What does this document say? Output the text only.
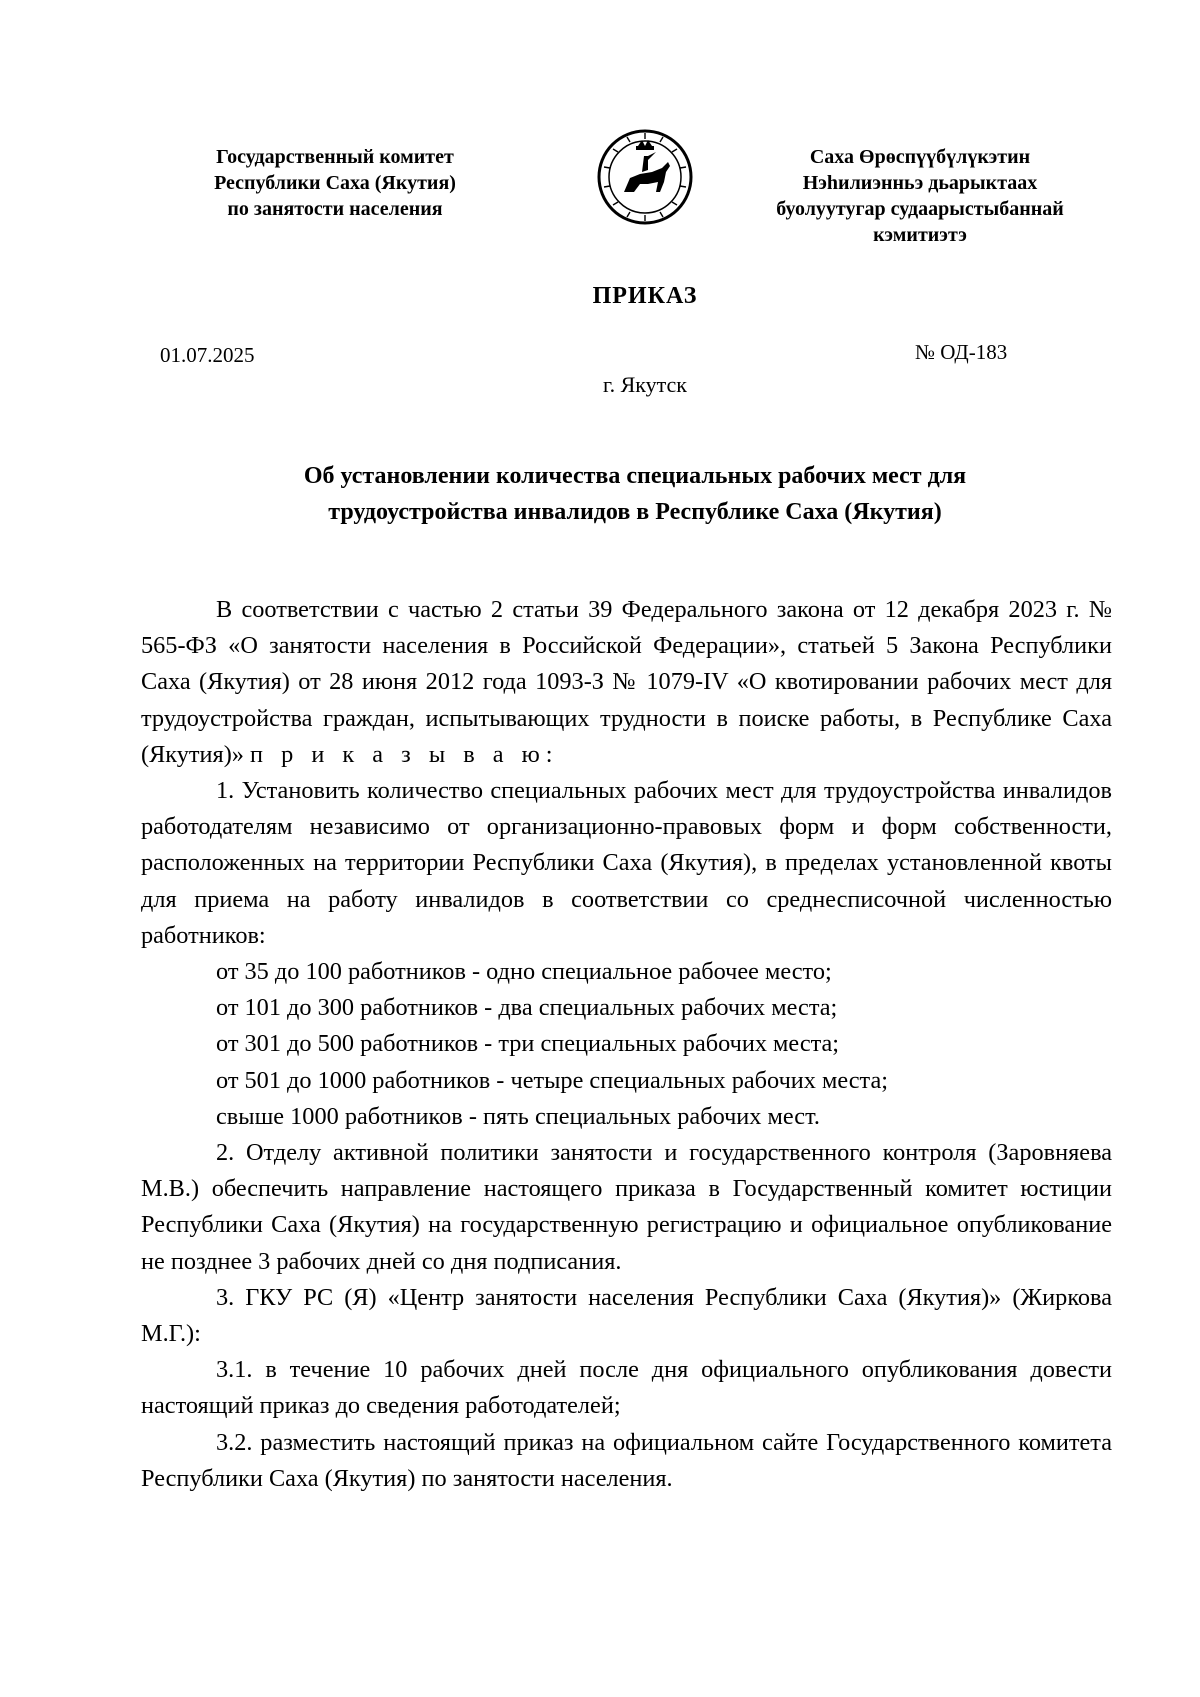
Государственный комитет
Республики Саха (Якутия)
по занятости населения
Саха Өрөспүүбүлүкэтин
Нэһилиэнньэ дьарыктаах
буолуутугар судаарыстыбаннай
кэмитиэтэ
ПРИКАЗ
01.07.2025	№ ОД-183
г. Якутск
Об установлении количества специальных рабочих мест для
трудоустройства инвалидов в Республике Саха (Якутия)

В соответствии с частью 2 статьи 39 Федерального закона от 12 декабря 2023 г. № 565-ФЗ «О занятости населения в Российской Федерации», статьей 5 Закона Республики Саха (Якутия) от 28 июня 2012 года 1093-З № 1079-IV «О квотировании рабочих мест для трудоустройства граждан, испытывающих трудности в поиске работы, в Республике Саха (Якутия)» п р и к а з ы в а ю:

1. Установить количество специальных рабочих мест для трудоустройства инвалидов работодателям независимо от организационно-правовых форм и форм собственности, расположенных на территории Республики Саха (Якутия), в пределах установленной квоты для приема на работу инвалидов в соответствии со среднесписочной численностью работников:

от 35 до 100 работников - одно специальное рабочее место;

от 101 до 300 работников - два специальных рабочих места;

от 301 до 500 работников - три специальных рабочих места;

от 501 до 1000 работников - четыре специальных рабочих места;

свыше 1000 работников - пять специальных рабочих мест.

2. Отделу активной политики занятости и государственного контроля (Заровняева М.В.) обеспечить направление настоящего приказа в Государственный комитет юстиции Республики Саха (Якутия) на государственную регистрацию и официальное опубликование не позднее 3 рабочих дней со дня подписания.

3. ГКУ РС (Я) «Центр занятости населения Республики Саха (Якутия)» (Жиркова М.Г.):

3.1. в течение 10 рабочих дней после дня официального опубликования довести настоящий приказ до сведения работодателей;

3.2. разместить настоящий приказ на официальном сайте Государственного комитета Республики Саха (Якутия) по занятости населения.
